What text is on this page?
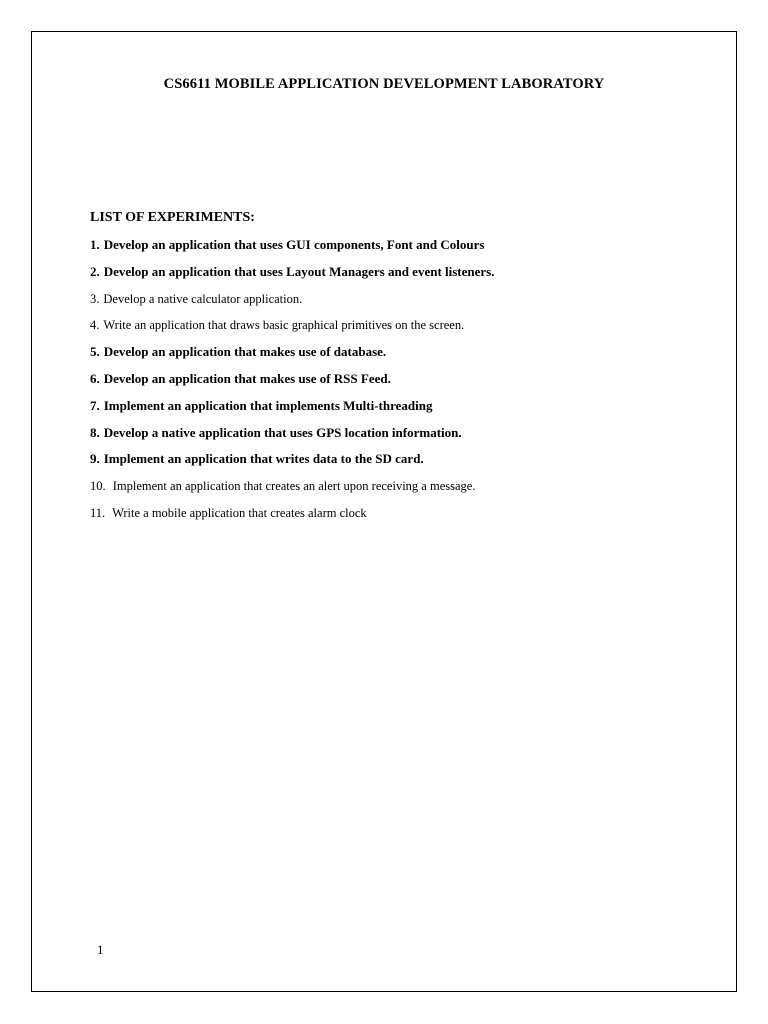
CS6611 MOBILE APPLICATION DEVELOPMENT LABORATORY
LIST OF EXPERIMENTS:
1. Develop an application that uses GUI components, Font and Colours
2. Develop an application that uses Layout Managers and event listeners.
3. Develop a native calculator application.
4. Write an application that draws basic graphical primitives on the screen.
5. Develop an application that makes use of database.
6. Develop an application that makes use of RSS Feed.
7. Implement an application that implements Multi-threading
8. Develop a native application that uses GPS location information.
9. Implement an application that writes data to the SD card.
10. Implement an application that creates an alert upon receiving a message.
11. Write a mobile application that creates alarm clock
1
